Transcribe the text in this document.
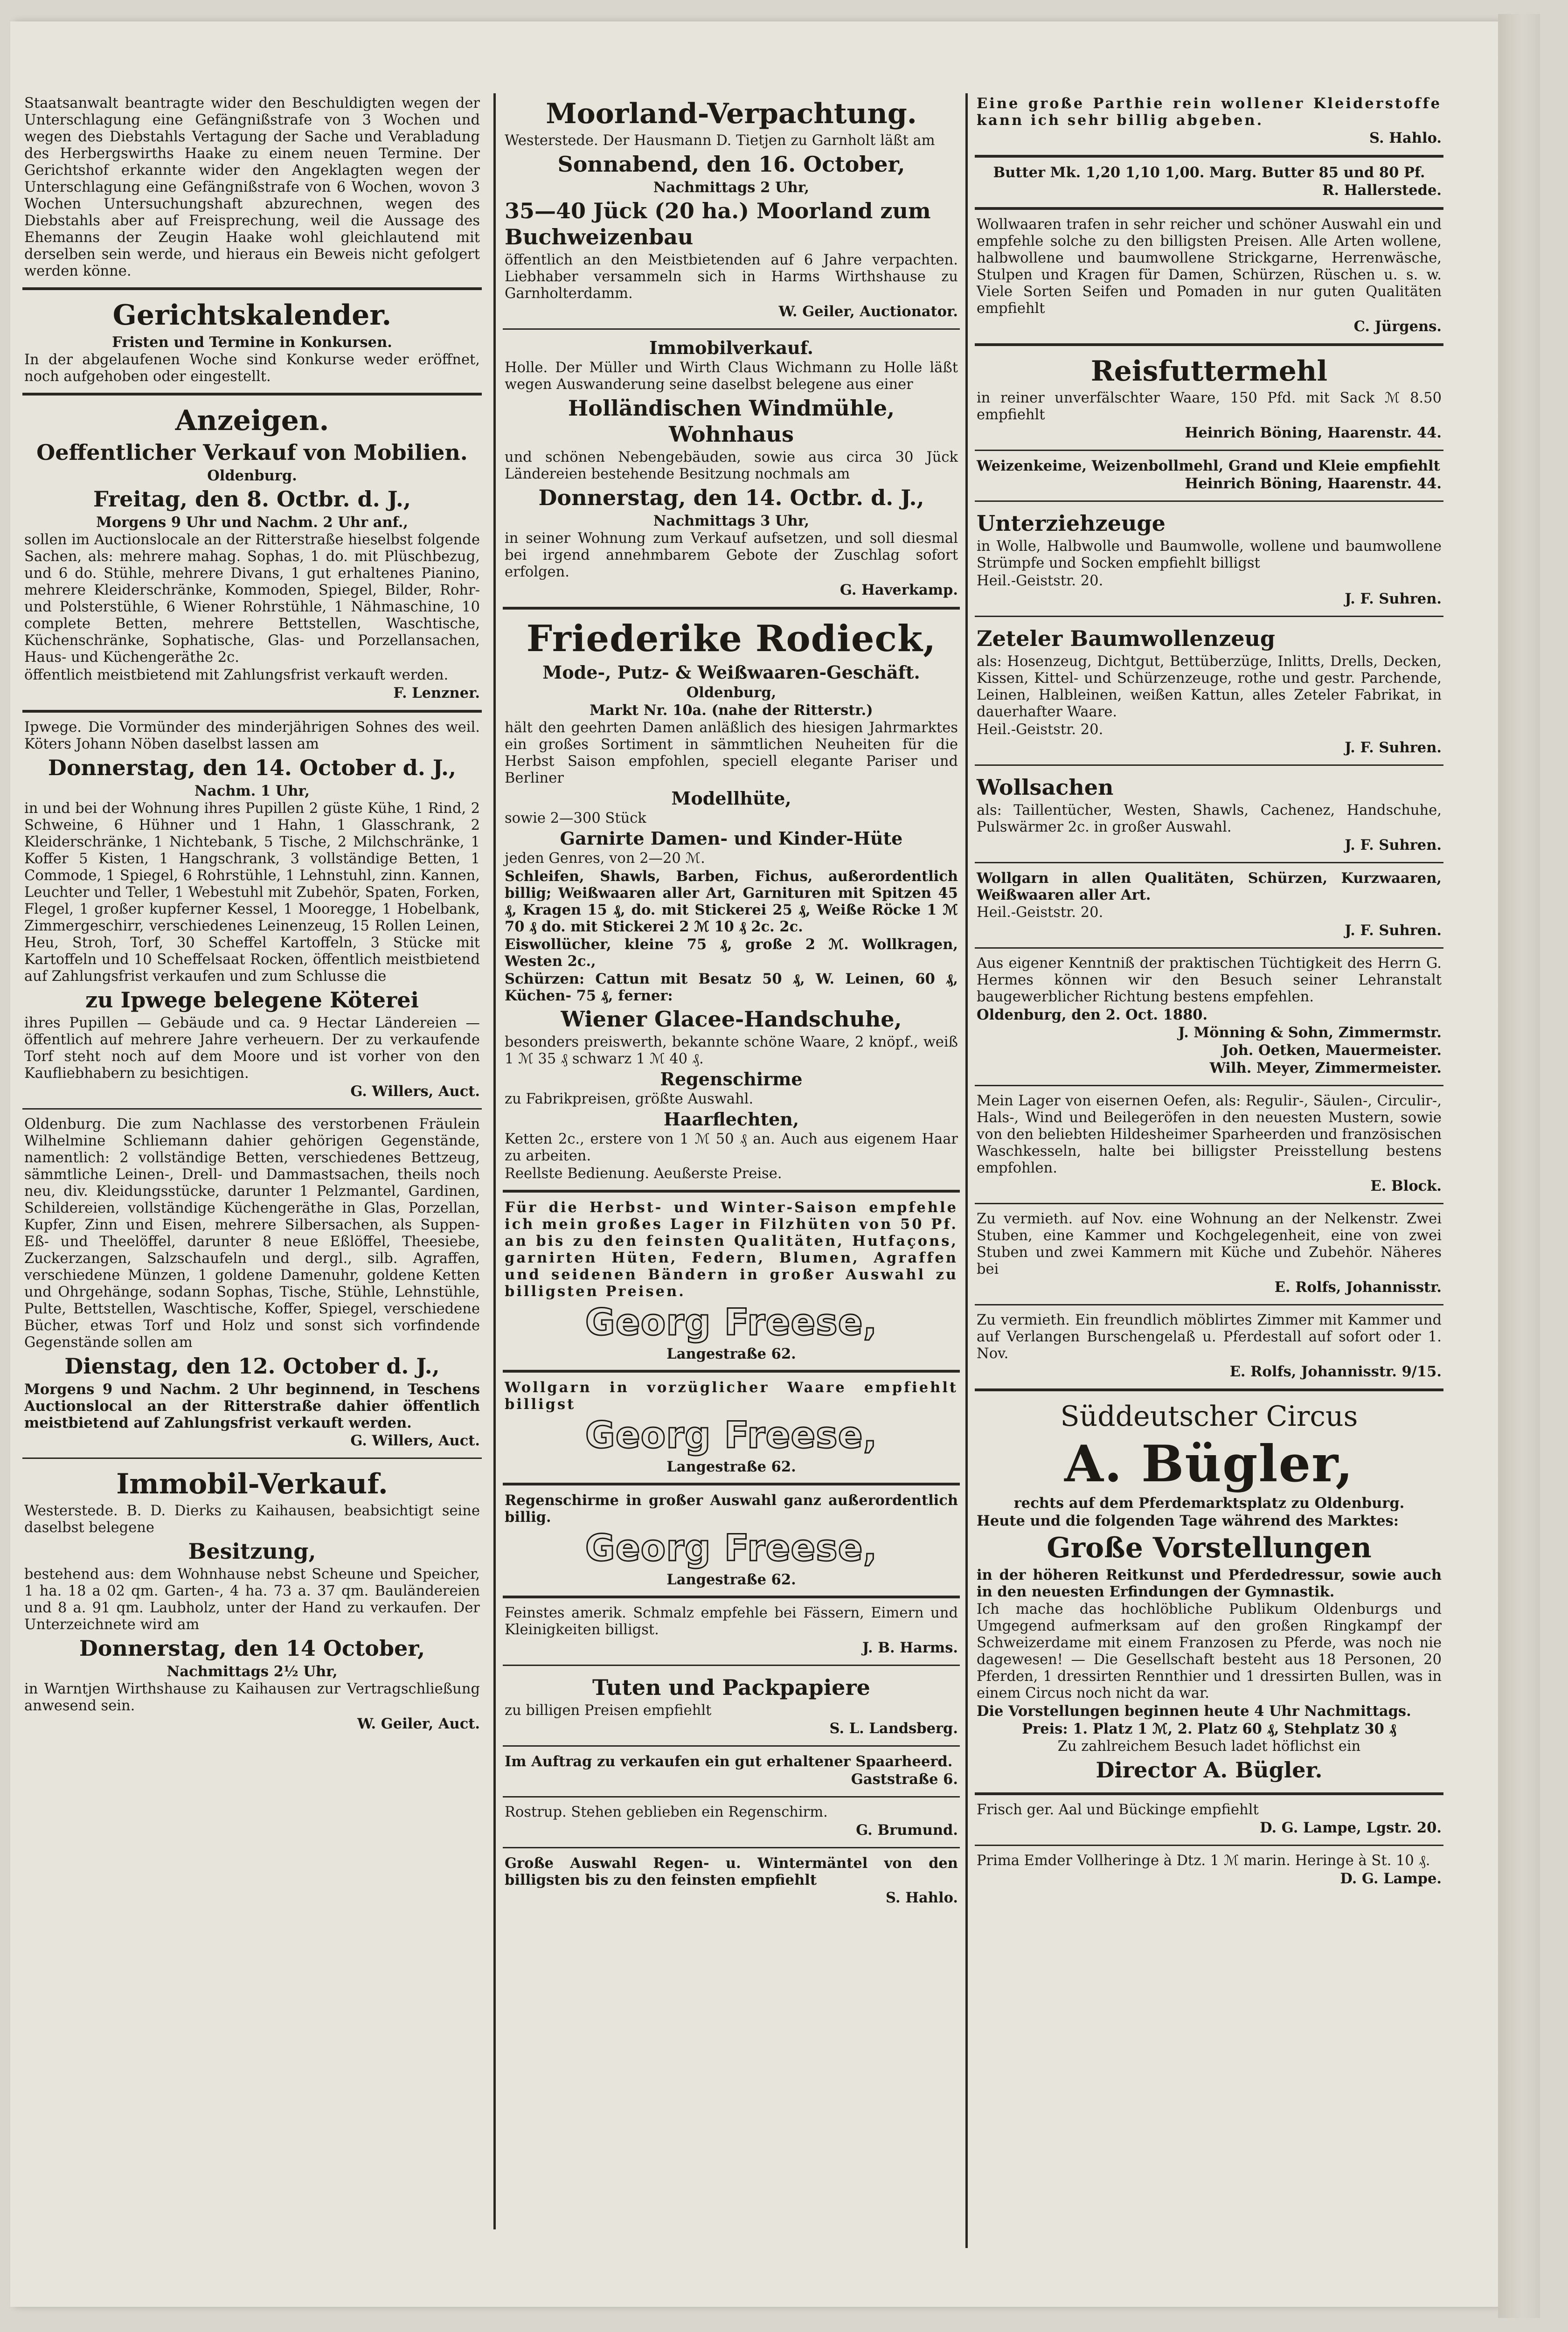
Staatsanwalt beantragte wider den Beschuldigten wegen der Unterschlagung eine Gefängnißstrafe von 3 Wochen und wegen des Diebstahls Vertagung der Sache und Verabladung des Herbergswirths Haake zu einem neuen Termine. Der Gerichtshof erkannte wider den Angeklagten wegen der Unterschlagung eine Gefängnißstrafe von 6 Wochen, wovon 3 Wochen Untersuchungshaft abzurechnen, wegen des Diebstahls aber auf Freisprechung, weil die Aussage des Ehemanns der Zeugin Haake wohl gleichlautend mit derselben sein werde, und hieraus ein Beweis nicht gefolgert werden könne.

Gerichtskalender.

Fristen und Termine in Konkursen.

In der abgelaufenen Woche sind Konkurse weder eröffnet, noch aufgehoben oder eingestellt.

Anzeigen.

Oeffentlicher Verkauf von Mobilien.

Oldenburg.

Freitag, den 8. Octbr. d. J.,

Morgens 9 Uhr und Nachm. 2 Uhr anf.,

sollen im Auctionslocale an der Ritterstraße hieselbst folgende Sachen, als: mehrere mahag. Sophas, 1 do. mit Plüschbezug, und 6 do. Stühle, mehrere Divans, 1 gut erhaltenes Pianino, mehrere Kleiderschränke, Kommoden, Spiegel, Bilder, Rohr- und Polsterstühle, 6 Wiener Rohrstühle, 1 Nähmaschine, 10 complete Betten, mehrere Bettstellen, Waschtische, Küchenschränke, Sophatische, Glas- und Porzellansachen, Haus- und Küchengeräthe 2c.

öffentlich meistbietend mit Zahlungsfrist verkauft werden.

F. Lenzner.

Ipwege. Die Vormünder des minderjährigen Sohnes des weil. Köters Johann Nöben daselbst lassen am

Donnerstag, den 14. October d. J.,

Nachm. 1 Uhr,

in und bei der Wohnung ihres Pupillen 2 güste Kühe, 1 Rind, 2 Schweine, 6 Hühner und 1 Hahn, 1 Glasschrank, 2 Kleiderschränke, 1 Nichtebank, 5 Tische, 2 Milchschränke, 1 Koffer 5 Kisten, 1 Hangschrank, 3 vollständige Betten, 1 Commode, 1 Spiegel, 6 Rohrstühle, 1 Lehnstuhl, zinn. Kannen, Leuchter und Teller, 1 Webestuhl mit Zubehör, Spaten, Forken, Flegel, 1 großer kupferner Kessel, 1 Mooregge, 1 Hobelbank, Zimmergeschirr, verschiedenes Leinenzeug, 15 Rollen Leinen, Heu, Stroh, Torf, 30 Scheffel Kartoffeln, 3 Stücke mit Kartoffeln und 10 Scheffelsaat Rocken, öffentlich meistbietend auf Zahlungsfrist verkaufen und zum Schlusse die

zu Ipwege belegene Köterei

ihres Pupillen — Gebäude und ca. 9 Hectar Ländereien — öffentlich auf mehrere Jahre verheuern. Der zu verkaufende Torf steht noch auf dem Moore und ist vorher von den Kaufliebhabern zu besichtigen.

G. Willers, Auct.

Oldenburg. Die zum Nachlasse des verstorbenen Fräulein Wilhelmine Schliemann dahier gehörigen Gegenstände, namentlich: 2 vollständige Betten, verschiedenes Bettzeug, sämmtliche Leinen-, Drell- und Dammastsachen, theils noch neu, div. Kleidungsstücke, darunter 1 Pelzmantel, Gardinen, Schildereien, vollständige Küchengeräthe in Glas, Porzellan, Kupfer, Zinn und Eisen, mehrere Silbersachen, als Suppen- Eß- und Theelöffel, darunter 8 neue Eßlöffel, Theesiebe, Zuckerzangen, Salzschaufeln und dergl., silb. Agraffen, verschiedene Münzen, 1 goldene Damenuhr, goldene Ketten und Ohrgehänge, sodann Sophas, Tische, Stühle, Lehnstühle, Pulte, Bettstellen, Waschtische, Koffer, Spiegel, verschiedene Bücher, etwas Torf und Holz und sonst sich vorfindende Gegenstände sollen am

Dienstag, den 12. October d. J.,

Morgens 9 und Nachm. 2 Uhr beginnend, in Teschens Auctionslocal an der Ritterstraße dahier öffentlich meistbietend auf Zahlungsfrist verkauft werden.

G. Willers, Auct.

Immobil-Verkauf.

Westerstede. B. D. Dierks zu Kaihausen, beabsichtigt seine daselbst belegene

Besitzung,

bestehend aus: dem Wohnhause nebst Scheune und Speicher, 1 ha. 18 a 02 qm. Garten-, 4 ha. 73 a. 37 qm. Bauländereien und 8 a. 91 qm. Laubholz, unter der Hand zu verkaufen. Der Unterzeichnete wird am

Donnerstag, den 14 October,

Nachmittags 2½ Uhr,

in Warntjen Wirthshause zu Kaihausen zur Vertragschließung anwesend sein.

W. Geiler, Auct.

Moorland-Verpachtung.

Westerstede. Der Hausmann D. Tietjen zu Garnholt läßt am

Sonnabend, den 16. October,

Nachmittags 2 Uhr,

35—40 Jück (20 ha.) Moorland zum Buchweizenbau

öffentlich an den Meistbietenden auf 6 Jahre verpachten. Liebhaber versammeln sich in Harms Wirthshause zu Garnholterdamm.

W. Geiler, Auctionator.

Immobilverkauf.

Holle. Der Müller und Wirth Claus Wichmann zu Holle läßt wegen Auswanderung seine daselbst belegene aus einer

Holländischen Windmühle, Wohnhaus

und schönen Nebengebäuden, sowie aus circa 30 Jück Ländereien bestehende Besitzung nochmals am

Donnerstag, den 14. Octbr. d. J.,

Nachmittags 3 Uhr,

in seiner Wohnung zum Verkauf aufsetzen, und soll diesmal bei irgend annehmbarem Gebote der Zuschlag sofort erfolgen.

G. Haverkamp.

Friederike Rodieck,

Mode-, Putz- & Weißwaaren-Geschäft.

Oldenburg,

Markt Nr. 10a. (nahe der Ritterstr.)

hält den geehrten Damen anläßlich des hiesigen Jahrmarktes ein großes Sortiment in sämmtlichen Neuheiten für die Herbst Saison empfohlen, speciell elegante Pariser und Berliner

Modellhüte,

sowie 2—300 Stück

Garnirte Damen- und Kinder-Hüte

jeden Genres, von 2—20 ℳ.

Schleifen, Shawls, Barben, Fichus, außerordentlich billig; Weißwaaren aller Art, Garnituren mit Spitzen 45 ₰, Kragen 15 ₰, do. mit Stickerei 25 ₰, Weiße Röcke 1 ℳ 70 ₰ do. mit Stickerei 2 ℳ 10 ₰ 2c. 2c.

Eiswollücher, kleine 75 ₰, große 2 ℳ. Wollkragen, Westen 2c.,

Schürzen: Cattun mit Besatz 50 ₰, W. Leinen, 60 ₰, Küchen- 75 ₰, ferner:

Wiener Glacee-Handschuhe,

besonders preiswerth, bekannte schöne Waare, 2 knöpf., weiß 1 ℳ 35 ₰ schwarz 1 ℳ 40 ₰.

Regenschirme

zu Fabrikpreisen, größte Auswahl.

Haarflechten,

Ketten 2c., erstere von 1 ℳ 50 ₰ an. Auch aus eigenem Haar zu arbeiten.

Reellste Bedienung. Aeußerste Preise.

Für die Herbst- und Winter-Saison empfehle ich mein großes Lager in Filzhüten von 50 Pf. an bis zu den feinsten Qualitäten, Hutfaçons, garnirten Hüten, Federn, Blumen, Agraffen und seidenen Bändern in großer Auswahl zu billigsten Preisen.

Georg Freese,

Langestraße 62.

Wollgarn in vorzüglicher Waare empfiehlt billigst

Georg Freese,

Langestraße 62.

Regenschirme in großer Auswahl ganz außerordentlich billig.

Georg Freese,

Langestraße 62.

Feinstes amerik. Schmalz empfehle bei Fässern, Eimern und Kleinigkeiten billigst.

J. B. Harms.

Tuten und Packpapiere

zu billigen Preisen empfiehlt

S. L. Landsberg.

Im Auftrag zu verkaufen ein gut erhaltener Spaarheerd.

Gaststraße 6.

Rostrup. Stehen geblieben ein Regenschirm.

G. Brumund.

Große Auswahl Regen- u. Wintermäntel von den billigsten bis zu den feinsten empfiehlt

S. Hahlo.

Eine große Parthie rein wollener Kleiderstoffe kann ich sehr billig abgeben.

S. Hahlo.

Butter Mk. 1,20 1,10 1,00. Marg. Butter 85 und 80 Pf.

R. Hallerstede.

Wollwaaren trafen in sehr reicher und schöner Auswahl ein und empfehle solche zu den billigsten Preisen. Alle Arten wollene, halbwollene und baumwollene Strickgarne, Herrenwäsche, Stulpen und Kragen für Damen, Schürzen, Rüschen u. s. w. Viele Sorten Seifen und Pomaden in nur guten Qualitäten empfiehlt

C. Jürgens.

Reisfuttermehl

in reiner unverfälschter Waare, 150 Pfd. mit Sack ℳ 8.50 empfiehlt

Heinrich Böning, Haarenstr. 44.

Weizenkeime, Weizenbollmehl, Grand und Kleie empfiehlt

Heinrich Böning, Haarenstr. 44.

Unterziehzeuge

in Wolle, Halbwolle und Baumwolle, wollene und baumwollene Strümpfe und Socken empfiehlt billigst

Heil.-Geiststr. 20.

J. F. Suhren.

Zeteler Baumwollenzeug

als: Hosenzeug, Dichtgut, Bettüberzüge, Inlitts, Drells, Decken, Kissen, Kittel- und Schürzenzeuge, rothe und gestr. Parchende, Leinen, Halbleinen, weißen Kattun, alles Zeteler Fabrikat, in dauerhafter Waare.

Heil.-Geiststr. 20.

J. F. Suhren.

Wollsachen

als: Taillentücher, Westen, Shawls, Cachenez, Handschuhe, Pulswärmer 2c. in großer Auswahl.

J. F. Suhren.

Wollgarn in allen Qualitäten, Schürzen, Kurzwaaren, Weißwaaren aller Art.

Heil.-Geiststr. 20.

J. F. Suhren.

Aus eigener Kenntniß der praktischen Tüchtigkeit des Herrn G. Hermes können wir den Besuch seiner Lehranstalt baugewerblicher Richtung bestens empfehlen.

Oldenburg, den 2. Oct. 1880.

J. Mönning & Sohn, Zimmermstr.

Joh. Oetken, Mauermeister.

Wilh. Meyer, Zimmermeister.

Mein Lager von eisernen Oefen, als: Regulir-, Säulen-, Circulir-, Hals-, Wind und Beilegeröfen in den neuesten Mustern, sowie von den beliebten Hildesheimer Sparheerden und französischen Waschkesseln, halte bei billigster Preisstellung bestens empfohlen.

E. Block.

Zu vermieth. auf Nov. eine Wohnung an der Nelkenstr. Zwei Stuben, eine Kammer und Kochgelegenheit, eine von zwei Stuben und zwei Kammern mit Küche und Zubehör. Näheres bei

E. Rolfs, Johannisstr.

Zu vermieth. Ein freundlich möblirtes Zimmer mit Kammer und auf Verlangen Burschengelaß u. Pferdestall auf sofort oder 1. Nov.

E. Rolfs, Johannisstr. 9/15.

Süddeutscher Circus

A. Bügler,

rechts auf dem Pferdemarktsplatz zu Oldenburg.

Heute und die folgenden Tage während des Marktes:

Große Vorstellungen

in der höheren Reitkunst und Pferdedressur, sowie auch in den neuesten Erfindungen der Gymnastik.

Ich mache das hochlöbliche Publikum Oldenburgs und Umgegend aufmerksam auf den großen Ringkampf der Schweizerdame mit einem Franzosen zu Pferde, was noch nie dagewesen! — Die Gesellschaft besteht aus 18 Personen, 20 Pferden, 1 dressirten Rennthier und 1 dressirten Bullen, was in einem Circus noch nicht da war.

Die Vorstellungen beginnen heute 4 Uhr Nachmittags.

Preis: 1. Platz 1 ℳ, 2. Platz 60 ₰, Stehplatz 30 ₰

Zu zahlreichem Besuch ladet höflichst ein

Director A. Bügler.

Frisch ger. Aal und Bückinge empfiehlt

D. G. Lampe, Lgstr. 20.

Prima Emder Vollheringe à Dtz. 1 ℳ marin. Heringe à St. 10 ₰.

D. G. Lampe.
